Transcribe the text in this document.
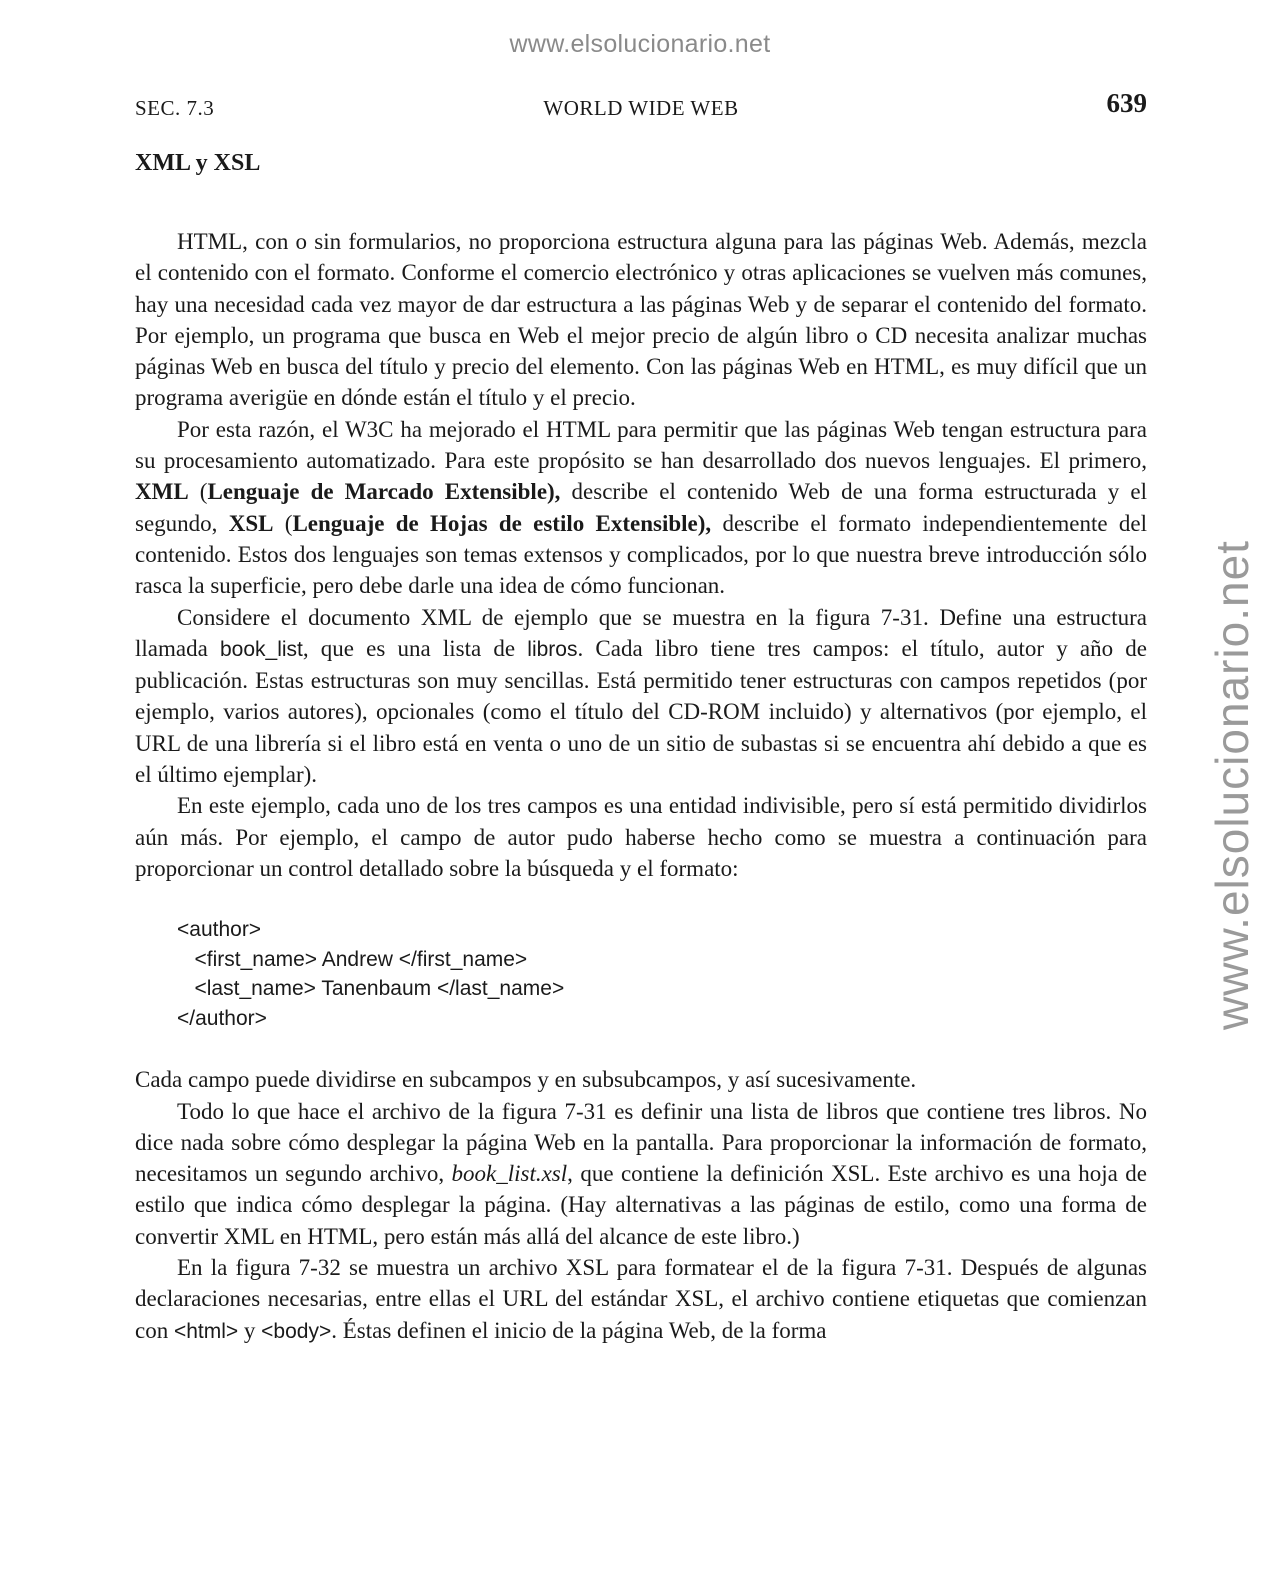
www.elsolucionario.net
www.elsolucionario.net
SEC. 7.3	WORLD WIDE WEB	639
XML y XSL

HTML, con o sin formularios, no proporciona estructura alguna para las páginas Web. Además, mezcla el contenido con el formato. Conforme el comercio electrónico y otras aplicaciones se vuelven más comunes, hay una necesidad cada vez mayor de dar estructura a las páginas Web y de separar el contenido del formato. Por ejemplo, un programa que busca en Web el mejor precio de algún libro o CD necesita analizar muchas páginas Web en busca del título y precio del elemento. Con las páginas Web en HTML, es muy difícil que un programa averigüe en dónde están el título y el precio.

Por esta razón, el W3C ha mejorado el HTML para permitir que las páginas Web tengan estructura para su procesamiento automatizado. Para este propósito se han desarrollado dos nuevos lenguajes. El primero, XML (Lenguaje de Marcado Extensible), describe el contenido Web de una forma estructurada y el segundo, XSL (Lenguaje de Hojas de estilo Extensible), describe el formato independientemente del contenido. Estos dos lenguajes son temas extensos y complicados, por lo que nuestra breve introducción sólo rasca la superficie, pero debe darle una idea de cómo funcionan.

Considere el documento XML de ejemplo que se muestra en la figura 7-31. Define una estructura llamada book_list, que es una lista de libros. Cada libro tiene tres campos: el título, autor y año de publicación. Estas estructuras son muy sencillas. Está permitido tener estructuras con campos repetidos (por ejemplo, varios autores), opcionales (como el título del CD-ROM incluido) y alternativos (por ejemplo, el URL de una librería si el libro está en venta o uno de un sitio de subastas si se encuentra ahí debido a que es el último ejemplar).

En este ejemplo, cada uno de los tres campos es una entidad indivisible, pero sí está permitido dividirlos aún más. Por ejemplo, el campo de autor pudo haberse hecho como se muestra a continuación para proporcionar un control detallado sobre la búsqueda y el formato:

<author>
<first_name> Andrew </first_name>
<last_name> Tanenbaum </last_name>
</author>

Cada campo puede dividirse en subcampos y en subsubcampos, y así sucesivamente.

Todo lo que hace el archivo de la figura 7-31 es definir una lista de libros que contiene tres libros. No dice nada sobre cómo desplegar la página Web en la pantalla. Para proporcionar la información de formato, necesitamos un segundo archivo, book_list.xsl, que contiene la definición XSL. Este archivo es una hoja de estilo que indica cómo desplegar la página. (Hay alternativas a las páginas de estilo, como una forma de convertir XML en HTML, pero están más allá del alcance de este libro.)

En la figura 7-32 se muestra un archivo XSL para formatear el de la figura 7-31. Después de algunas declaraciones necesarias, entre ellas el URL del estándar XSL, el archivo contiene etiquetas que comienzan con <html> y <body>. Éstas definen el inicio de la página Web, de la forma
